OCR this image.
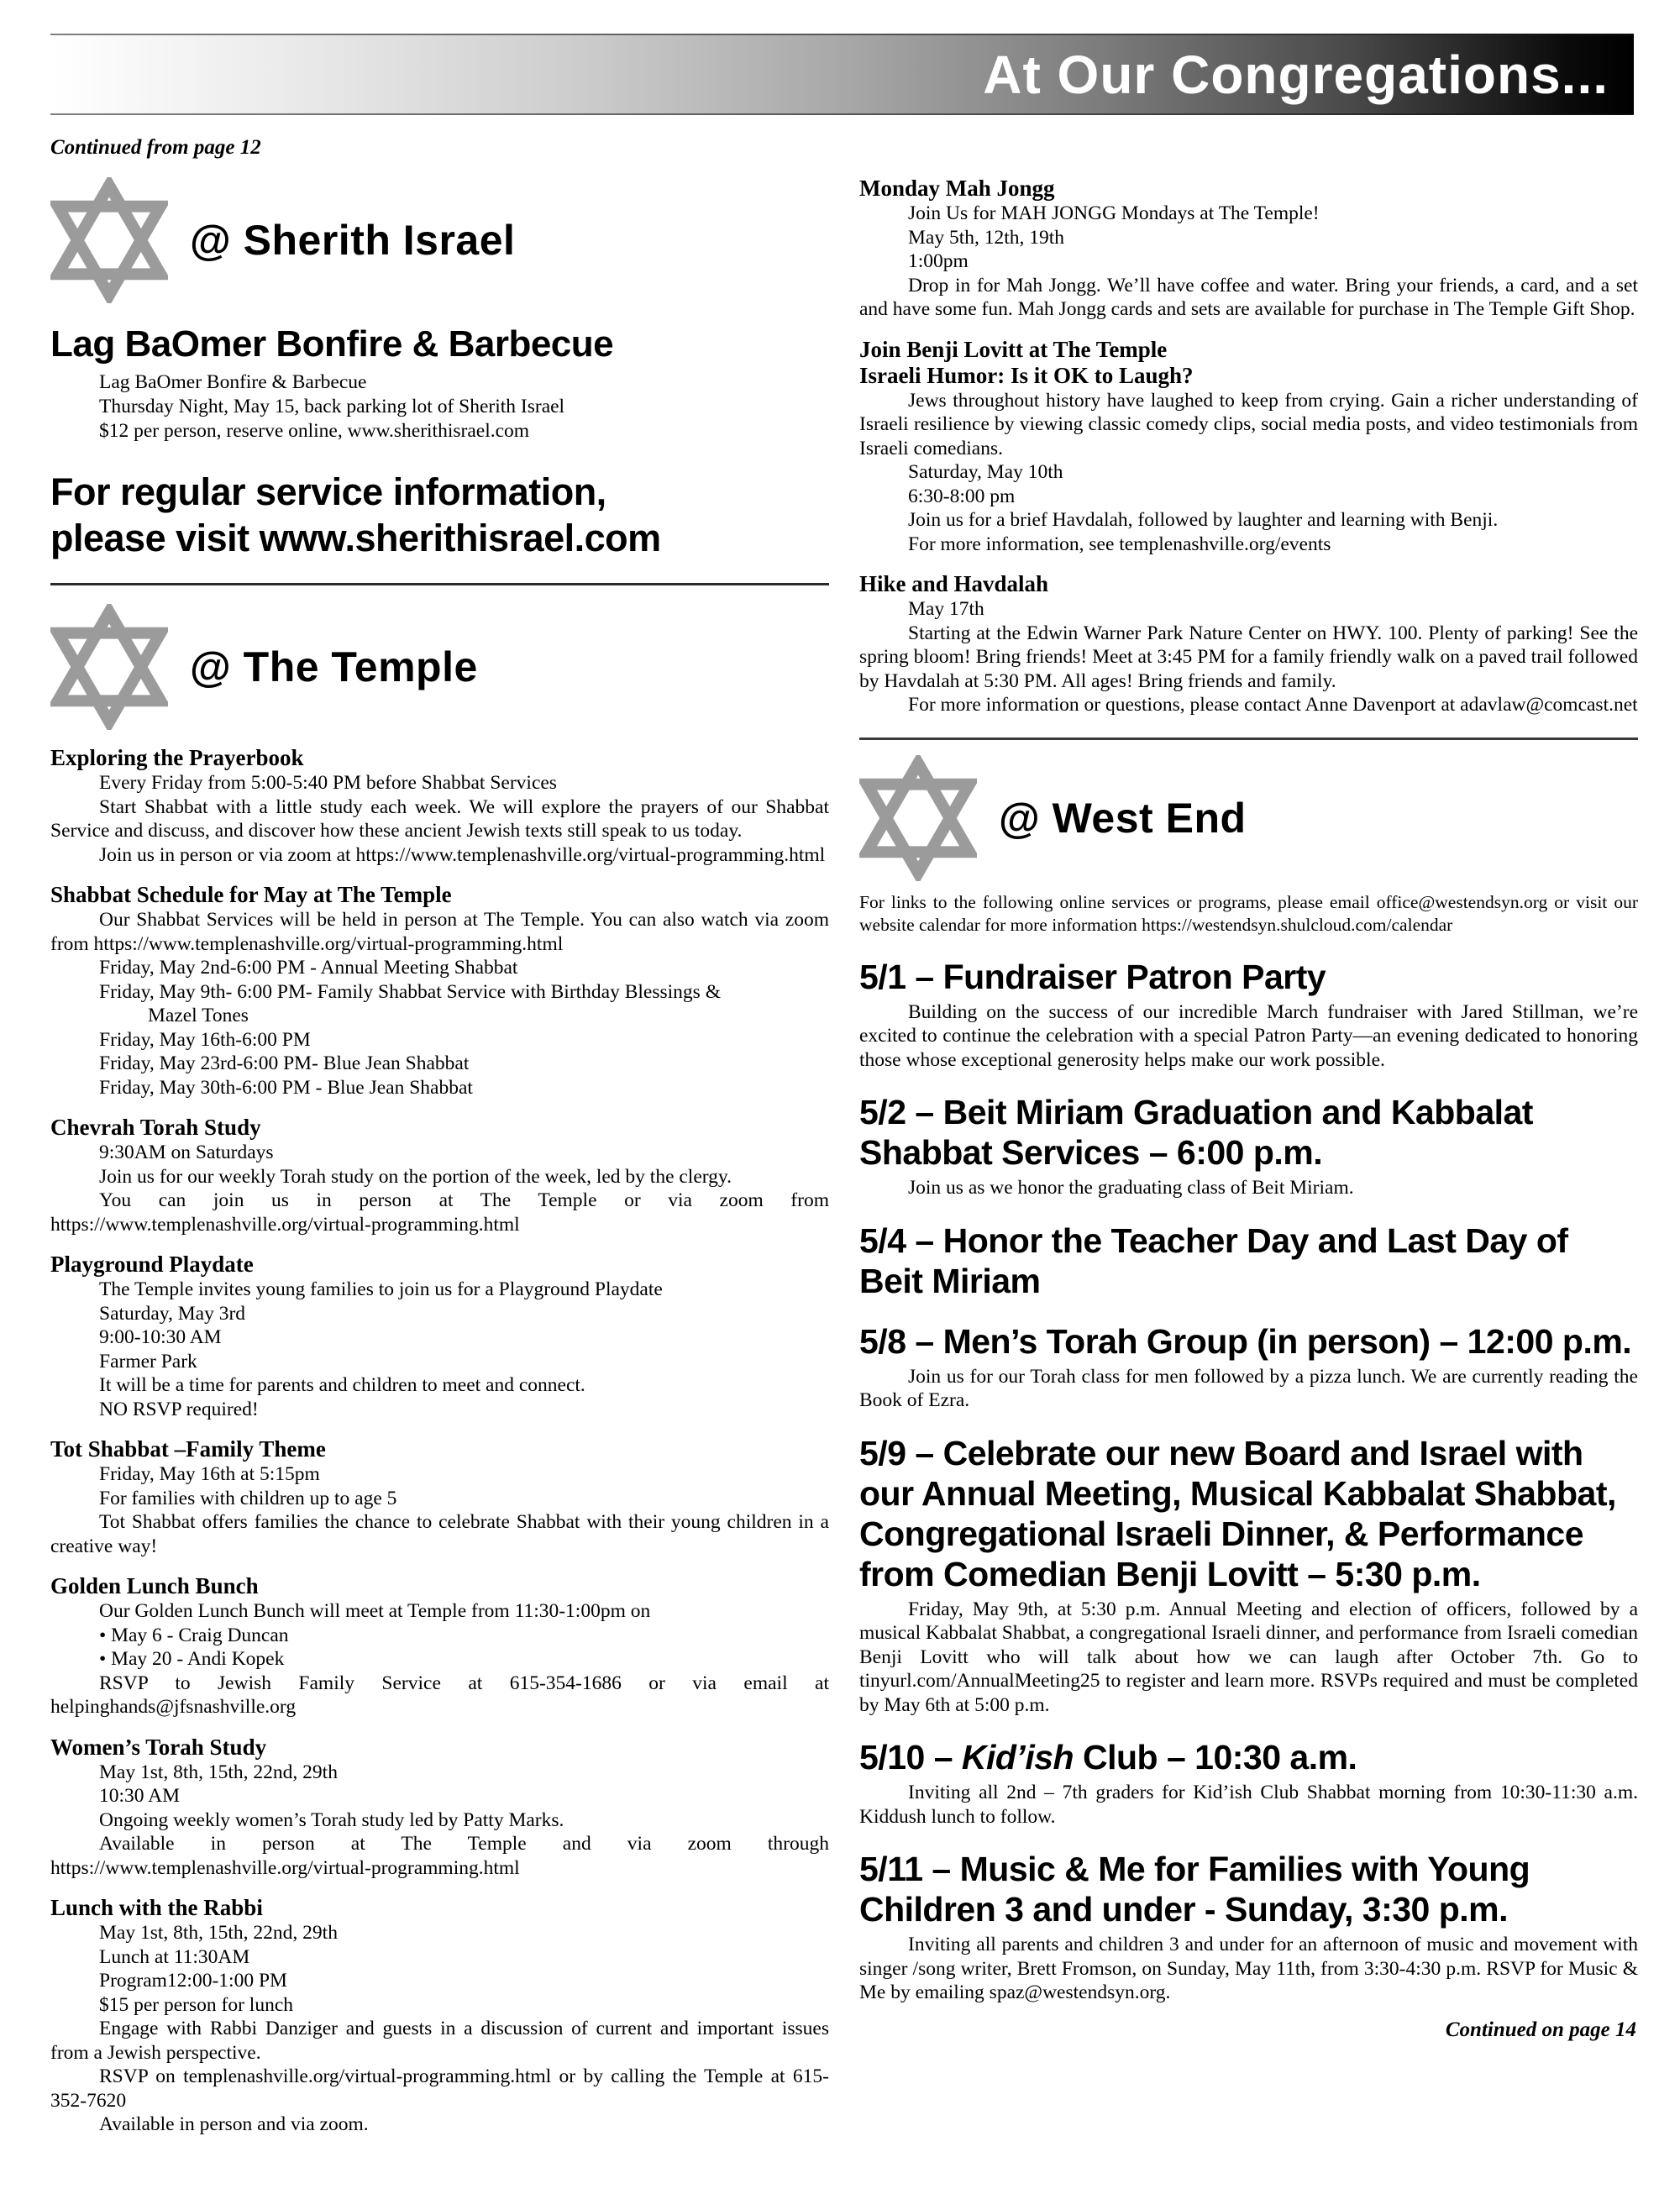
At Our Congregations...
Continued from page 12
@ Sherith Israel
Lag BaOmer Bonfire & Barbecue

Lag BaOmer Bonfire & Barbecue

Thursday Night, May 15, back parking lot of Sherith Israel

$12 per person, reserve online, www.sherithisrael.com

For regular service information,
please visit www.sherithisrael.com
@ The Temple
Exploring the Prayerbook

Every Friday from 5:00-5:40 PM before Shabbat Services

Start Shabbat with a little study each week. We will explore the prayers of our Shabbat Service and discuss, and discover how these ancient Jewish texts still speak to us today.

Join us in person or via zoom at https://www.templenashville.org/virtual-programming.html

Shabbat Schedule for May at The Temple

Our Shabbat Services will be held in person at The Temple. You can also watch via zoom from https://www.templenashville.org/virtual-programming.html

Friday, May 2nd-6:00 PM - Annual Meeting Shabbat

Friday, May 9th- 6:00 PM- Family Shabbat Service with Birthday Blessings &

Mazel Tones

Friday, May 16th-6:00 PM

Friday, May 23rd-6:00 PM- Blue Jean Shabbat

Friday, May 30th-6:00 PM - Blue Jean Shabbat

Chevrah Torah Study

9:30AM on Saturdays

Join us for our weekly Torah study on the portion of the week, led by the clergy.

You can join us in person at The Temple or via zoom from https://www.templenashville.org/virtual-programming.html

Playground Playdate

The Temple invites young families to join us for a Playground Playdate

Saturday, May 3rd

9:00-10:30 AM

Farmer Park

It will be a time for parents and children to meet and connect.

NO RSVP required!

Tot Shabbat –Family Theme

Friday, May 16th at 5:15pm

For families with children up to age 5

Tot Shabbat offers families the chance to celebrate Shabbat with their young children in a creative way!

Golden Lunch Bunch

Our Golden Lunch Bunch will meet at Temple from 11:30-1:00pm on

• May 6 - Craig Duncan

• May 20 - Andi Kopek

RSVP to Jewish Family Service at 615-354-1686 or via email at helpinghands@jfsnashville.org

Women’s Torah Study

May 1st, 8th, 15th, 22nd, 29th

10:30 AM

Ongoing weekly women’s Torah study led by Patty Marks.

Available in person at The Temple and via zoom through https://www.templenashville.org/virtual-programming.html

Lunch with the Rabbi

May 1st, 8th, 15th, 22nd, 29th

Lunch at 11:30AM

Program12:00-1:00 PM

$15 per person for lunch

Engage with Rabbi Danziger and guests in a discussion of current and important issues from a Jewish perspective.

RSVP on templenashville.org/virtual-programming.html or by calling the Temple at 615-352-7620

Available in person and via zoom.

Monday Mah Jongg

Join Us for MAH JONGG Mondays at The Temple!

May 5th, 12th, 19th

1:00pm

Drop in for Mah Jongg. We’ll have coffee and water. Bring your friends, a card, and a set and have some fun. Mah Jongg cards and sets are available for purchase in The Temple Gift Shop.

Join Benji Lovitt at The Temple
Israeli Humor: Is it OK to Laugh?

Jews throughout history have laughed to keep from crying. Gain a richer understanding of Israeli resilience by viewing classic comedy clips, social media posts, and video testimonials from Israeli comedians.

Saturday, May 10th

6:30-8:00 pm

Join us for a brief Havdalah, followed by laughter and learning with Benji.

For more information, see templenashville.org/events

Hike and Havdalah

May 17th

Starting at the Edwin Warner Park Nature Center on HWY. 100. Plenty of parking! See the spring bloom! Bring friends! Meet at 3:45 PM for a family friendly walk on a paved trail followed by Havdalah at 5:30 PM. All ages! Bring friends and family.

For more information or questions, please contact Anne Davenport at adavlaw@comcast.net

@ West End

For links to the following online services or programs, please email office@westendsyn.org or visit our website calendar for more information https://westendsyn.shulcloud.com/calendar

5/1 – Fundraiser Patron Party

Building on the success of our incredible March fundraiser with Jared Stillman, we’re excited to continue the celebration with a special Patron Party—an evening dedicated to honoring those whose exceptional generosity helps make our work possible.

5/2 – Beit Miriam Graduation and Kabbalat Shabbat Services – 6:00 p.m.

Join us as we honor the graduating class of Beit Miriam.

5/4 – Honor the Teacher Day and Last Day of Beit Miriam
5/8 – Men’s Torah Group (in person) – 12:00 p.m.

Join us for our Torah class for men followed by a pizza lunch. We are currently reading the Book of Ezra.

5/9 – Celebrate our new Board and Israel with our Annual Meeting, Musical Kabbalat Shabbat, Congregational Israeli Dinner, & Performance from Comedian Benji Lovitt – 5:30 p.m.

Friday, May 9th, at 5:30 p.m. Annual Meeting and election of officers, followed by a musical Kabbalat Shabbat, a congregational Israeli dinner, and performance from Israeli comedian Benji Lovitt who will talk about how we can laugh after October 7th. Go to tinyurl.com/AnnualMeeting25 to register and learn more. RSVPs required and must be completed by May 6th at 5:00 p.m.

5/10 – Kid’ish Club – 10:30 a.m.

Inviting all 2nd – 7th graders for Kid’ish Club Shabbat morning from 10:30-11:30 a.m. Kiddush lunch to follow.

5/11 – Music & Me for Families with Young Children 3 and under - Sunday, 3:30 p.m.

Inviting all parents and children 3 and under for an afternoon of music and movement with singer /song writer, Brett Fromson, on Sunday, May 11th, from 3:30-4:30 p.m. RSVP for Music & Me by emailing spaz@westendsyn.org.

Continued on page 14
